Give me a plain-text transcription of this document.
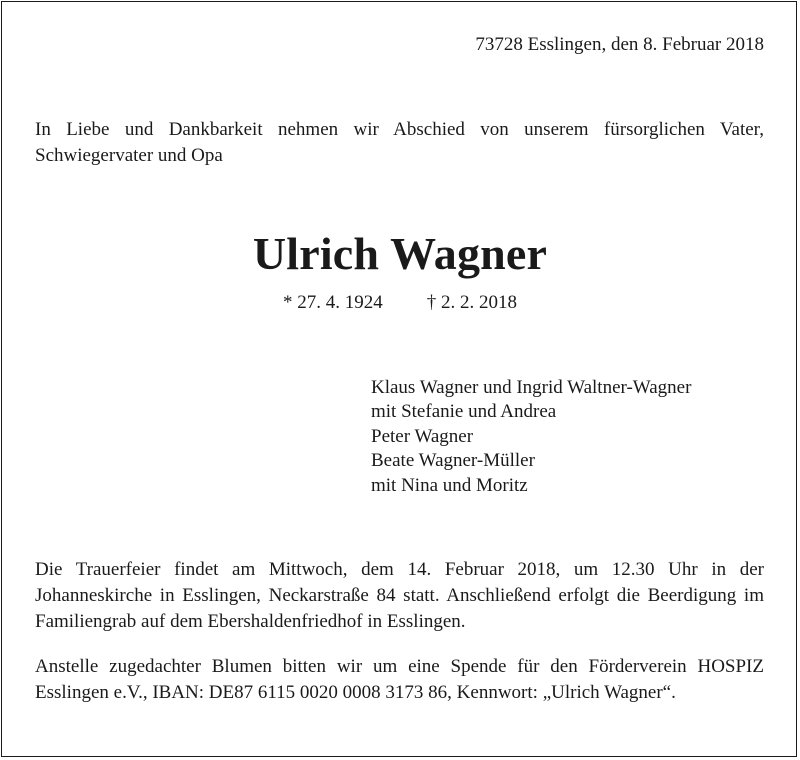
73728 Esslingen, den 8. Februar 2018
In Liebe und Dankbarkeit nehmen wir Abschied von unserem fürsorglichen Vater, Schwiegervater und Opa
Ulrich Wagner
* 27. 4. 1924 † 2. 2. 2018
Klaus Wagner und Ingrid Waltner-Wagner
mit Stefanie und Andrea
Peter Wagner
Beate Wagner-Müller
mit Nina und Moritz
Die Trauerfeier findet am Mittwoch, dem 14. Februar 2018, um 12.30 Uhr in der Johanneskirche in Esslingen, Neckarstraße 84 statt. Anschließend erfolgt die Beerdigung im Familiengrab auf dem Ebershaldenfriedhof in Esslingen.
Anstelle zugedachter Blumen bitten wir um eine Spende für den Förderverein HOSPIZ Esslingen e.V., IBAN: DE87 6115 0020 0008 3173 86, Kennwort: „Ulrich Wagner“.
